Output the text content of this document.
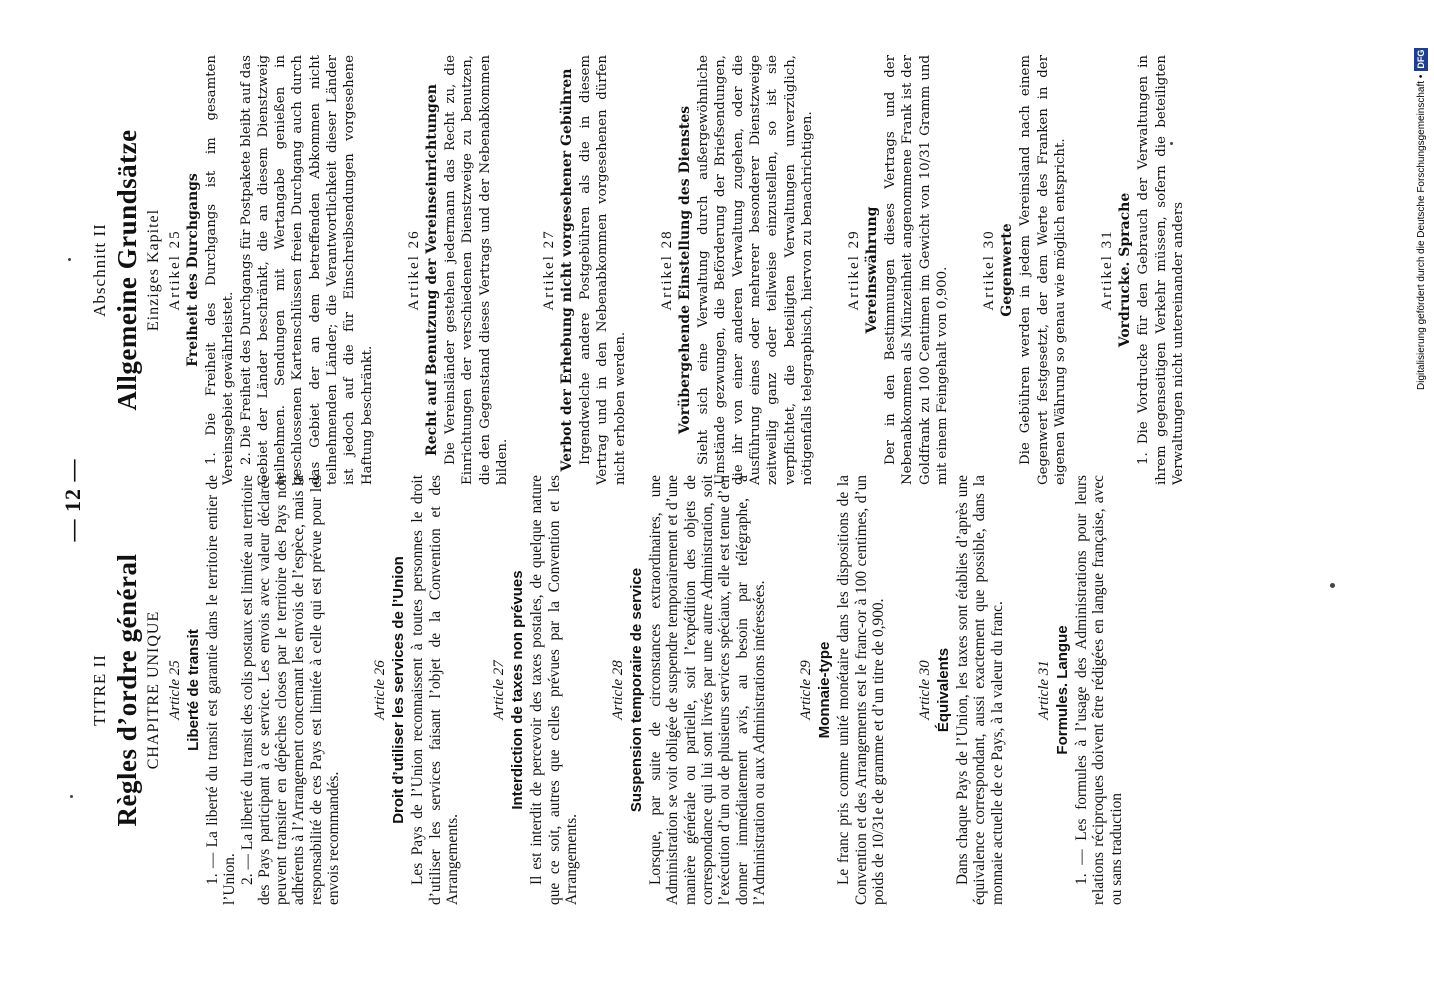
— 12 —
TITRE II Règles d’ordre général CHAPITRE UNIQUE Article 25 Liberté de transit 1. — La liberté du transit est garantie dans le territoire entier de l’Union. 2. — La liberté du transit des colis postaux est limitée au territoire des Pays participant à ce service. Les envois avec valeur déclarée peuvent transiter en dépêches closes par le territoire des Pays non adhérents à l’Arrangement concernant les envois de l’espèce, mais la responsabilité de ces Pays est limitée à celle qui est prévue pour les envois recommandés.

Article 26 Droit d’utiliser les services de l’Union Les Pays de l’Union reconnaissent à toutes personnes le droit d’utiliser les services faisant l’objet de la Convention et des Arrangements.

Article 27 Interdiction de taxes non prévues Il est interdit de percevoir des taxes postales, de quelque nature que ce soit, autres que celles prévues par la Convention et les Arrangements.

Article 28 Suspension temporaire de service Lorsque, par suite de circonstances extraordinaires, une Administration se voit obligée de suspendre temporairement et d’une manière générale ou partielle, soit l’expédition des objets de correspondance qui lui sont livrés par une autre Administration, soit l’exécution d’un ou de plusieurs services spéciaux, elle est tenue d’en donner immédiatement avis, au besoin par télégraphe, à l’Administration ou aux Administrations intéressées. Article 29 Monnaie-type Le franc pris comme unité monétaire dans les dispositions de la Convention et des Arrangements est le franc-or à 100 centimes, d’un poids de 10/31e de gramme et d’un titre de 0,900. Article 30 Équivalents Dans chaque Pays de l’Union, les taxes sont établies d’après une équivalence correspondant, aussi exactement que possible, dans la monnaie actuelle de ce Pays, à la valeur du franc. Article 31 Formules. Langue 1. — Les formules à l’usage des Administrations pour leurs relations réciproques doivent être rédigées en langue française, avec ou sans traduction

Abschnitt II Allgemeine Grundsätze Einziges Kapitel Artikel 25 Freiheit des Durchgangs 1. Die Freiheit des Durchgangs ist im gesamten Vereinsgebiet gewährleistet. 2. Die Freiheit des Durchgangs für Postpakete bleibt auf das Gebiet der Länder beschränkt, die an diesem Dienstzweig teilnehmen. Sendungen mit Wertangabe genießen in geschlossenen Kartenschlüssen freien Durchgang auch durch das Gebiet der an dem betreffenden Abkommen nicht teilnehmenden Länder; die Verantwortlichkeit dieser Länder ist jedoch auf die für Einschreibsendungen vorgesehene Haftung beschränkt.

Artikel 26 Recht auf Benutzung der Vereinseinrichtungen Die Vereinsländer gestehen jedermann das Recht zu, die Einrichtungen der verschiedenen Dienstzweige zu benutzen, die den Gegenstand dieses Vertrags und der Nebenabkommen bilden.

Artikel 27 Verbot der Erhebung nicht vorgesehener Gebühren Irgendwelche andere Postgebühren als die in diesem Vertrag und in den Nebenabkommen vorgesehenen dürfen nicht erhoben werden.

Artikel 28 Vorübergehende Einstellung des Dienstes Sieht sich eine Verwaltung durch außergewöhnliche Umstände gezwungen, die Beförderung der Briefsendungen, die ihr von einer anderen Verwaltung zugehen, oder die Ausführung eines oder mehrerer besonderer Dienstzweige zeitweilig ganz oder teilweise einzustellen, so ist sie verpflichtet, die beteiligten Verwaltungen unverzüglich, nötigenfalls telegraphisch, hiervon zu benachrichtigen. Artikel 29 Vereinswährung Der in den Bestimmungen dieses Vertrags und der Nebenabkommen als Münzeinheit angenommene Frank ist der Goldfrank zu 100 Centimen im Gewicht von 10/31 Gramm und mit einem Feingehalt von 0,900. Artikel 30 Gegenwerte Die Gebühren werden in jedem Vereinsland nach einem Gegenwert festgesetzt, der dem Werte des Franken in der eigenen Währung so genau wie möglich entspricht. Artikel 31 Vordrucke. Sprache 1. Die Vordrucke für den Gebrauch der Verwaltungen in ihrem gegenseitigen Verkehr müssen, sofern die beteiligten Verwaltungen nicht untereinander anders	Digitalisierung gefördert durch die Deutsche Forschungsgemeinschaft •DFG
